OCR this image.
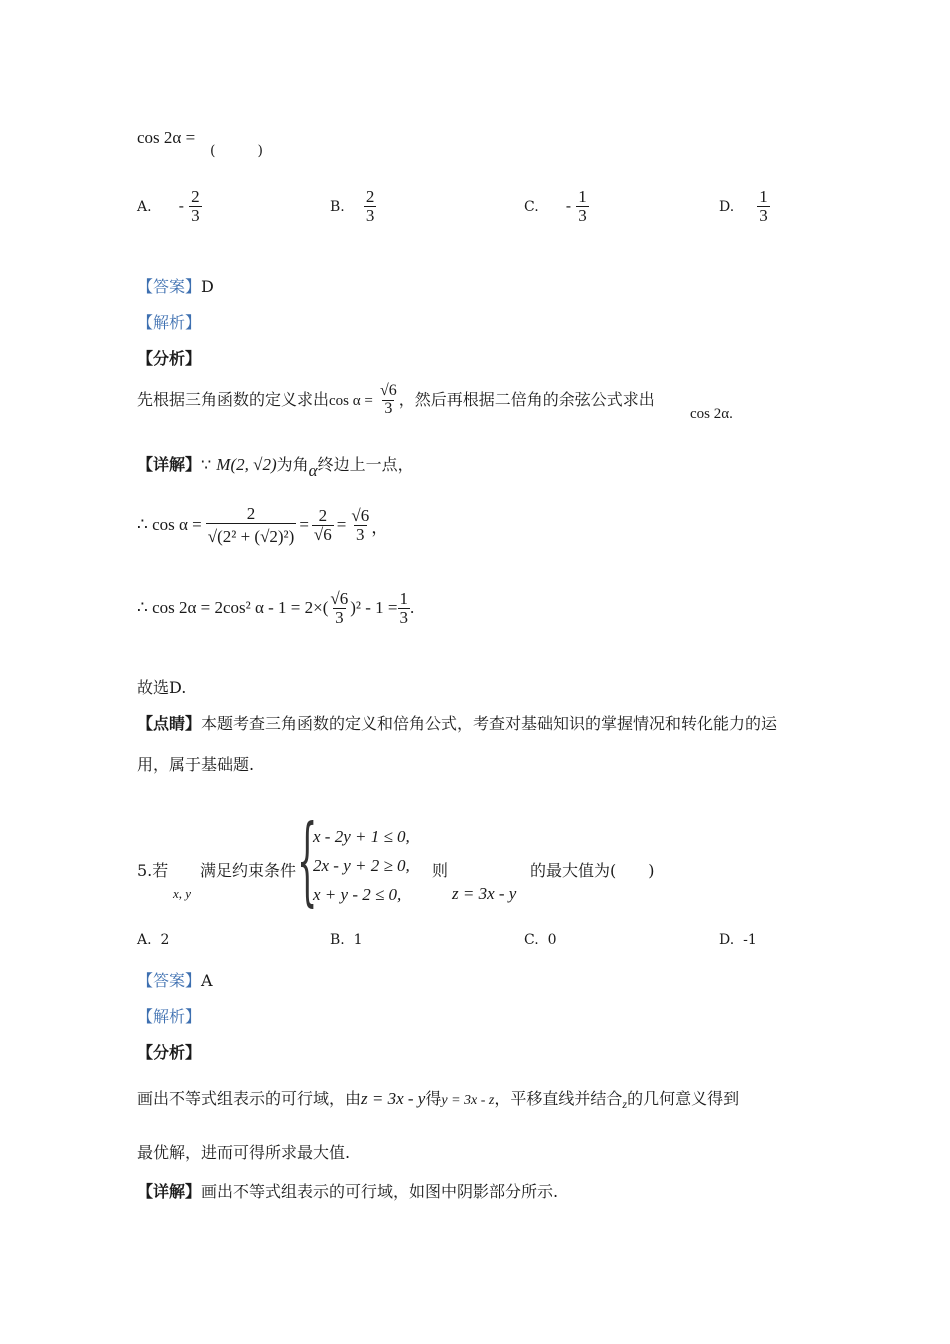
cos 2α =
(　　　)
A. - $\frac{2}{3}$	B. $\frac{2}{3}$	C. - $\frac{1}{3}$	D. $\frac{1}{3}$
【答案】D
【解析】
【分析】
先根据三角函数的定义求出$\cos \alpha = \frac{√6}{3}$ ，然后再根据二倍角的余弦公式求出
cos 2α.
【详解】∵ M(2, √2)为角α终边上一点，
∴ $\cos \alpha = \frac{2}{\text{√(2² + (√2)²)}} = \frac{2}{√6} = \frac{√6}{3}$ ，
∴ cos 2α = 2cos² $\alpha - 1 = 2\times( \frac{√6}{3} )^2 - 1 = \frac{1}{3}$ .
故选D.
【点睛】本题考查三角函数的定义和倍角公式，考查对基础知识的掌握情况和转化能力的运
用，属于基础题.
5.若
x, y
满足约束条件 {
x - 2y + 1 ≤ 0,
2x - y + 2 ≥ 0,
x + y - 2 ≤ 0,
则
z = 3x - y
的最大值为(　　)
A. 2	B. 1	C. 0	D. -1
【答案】A
【解析】
【分析】
画出不等式组表示的可行域，由z = 3x - y得y = 3x - z，平移直线并结合$_z$的几何意义得到
最优解，进而可得所求最大值.
【详解】画出不等式组表示的可行域，如图中阴影部分所示.
